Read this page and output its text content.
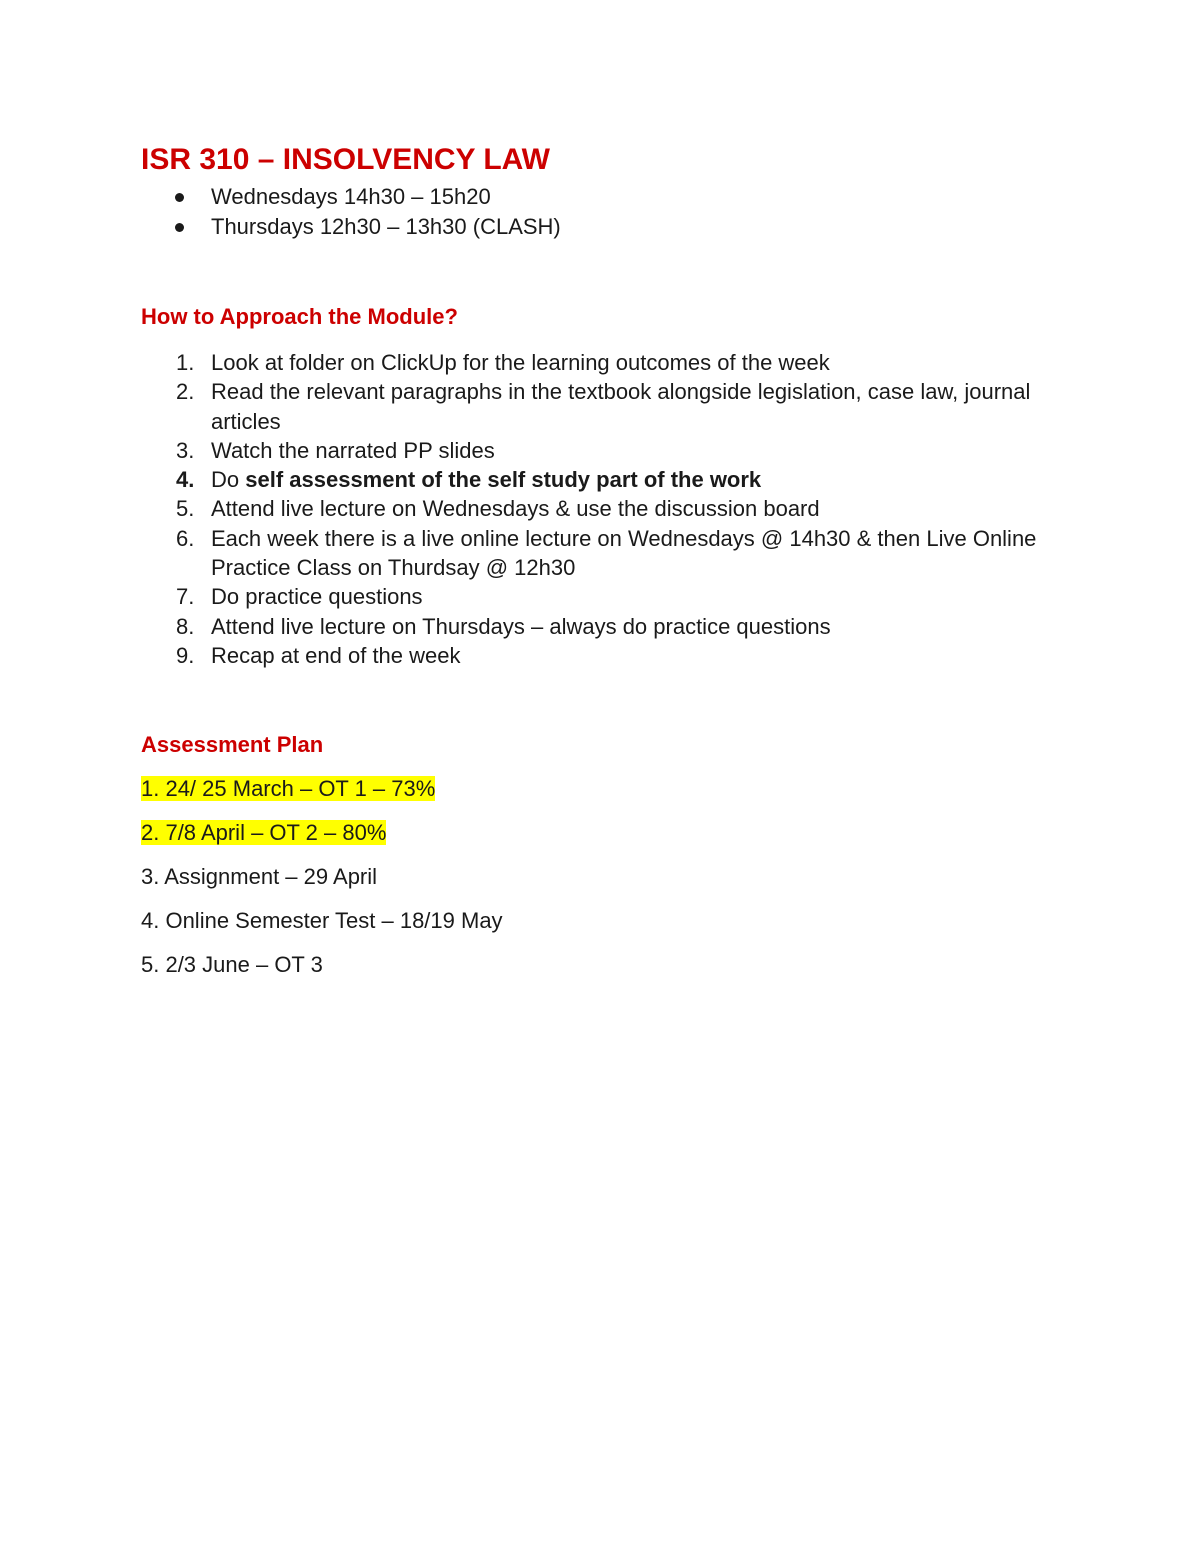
ISR 310 – INSOLVENCY LAW
Wednesdays 14h30 – 15h20
Thursdays 12h30 – 13h30 (CLASH)
How to Approach the Module?
1. Look at folder on ClickUp for the learning outcomes of the week
2. Read the relevant paragraphs in the textbook alongside legislation, case law, journal articles
3. Watch the narrated PP slides
4. Do self assessment of the self study part of the work
5. Attend live lecture on Wednesdays & use the discussion board
6. Each week there is a live online lecture on Wednesdays @ 14h30 & then Live Online Practice Class on Thurdsay @ 12h30
7. Do practice questions
8. Attend live lecture on Thursdays – always do practice questions
9. Recap at end of the week
Assessment Plan

1. 24/ 25 March – OT 1 – 73%

2. 7/8 April – OT 2 – 80%

3. Assignment – 29 April

4. Online Semester Test – 18/19 May

5. 2/3 June – OT 3
